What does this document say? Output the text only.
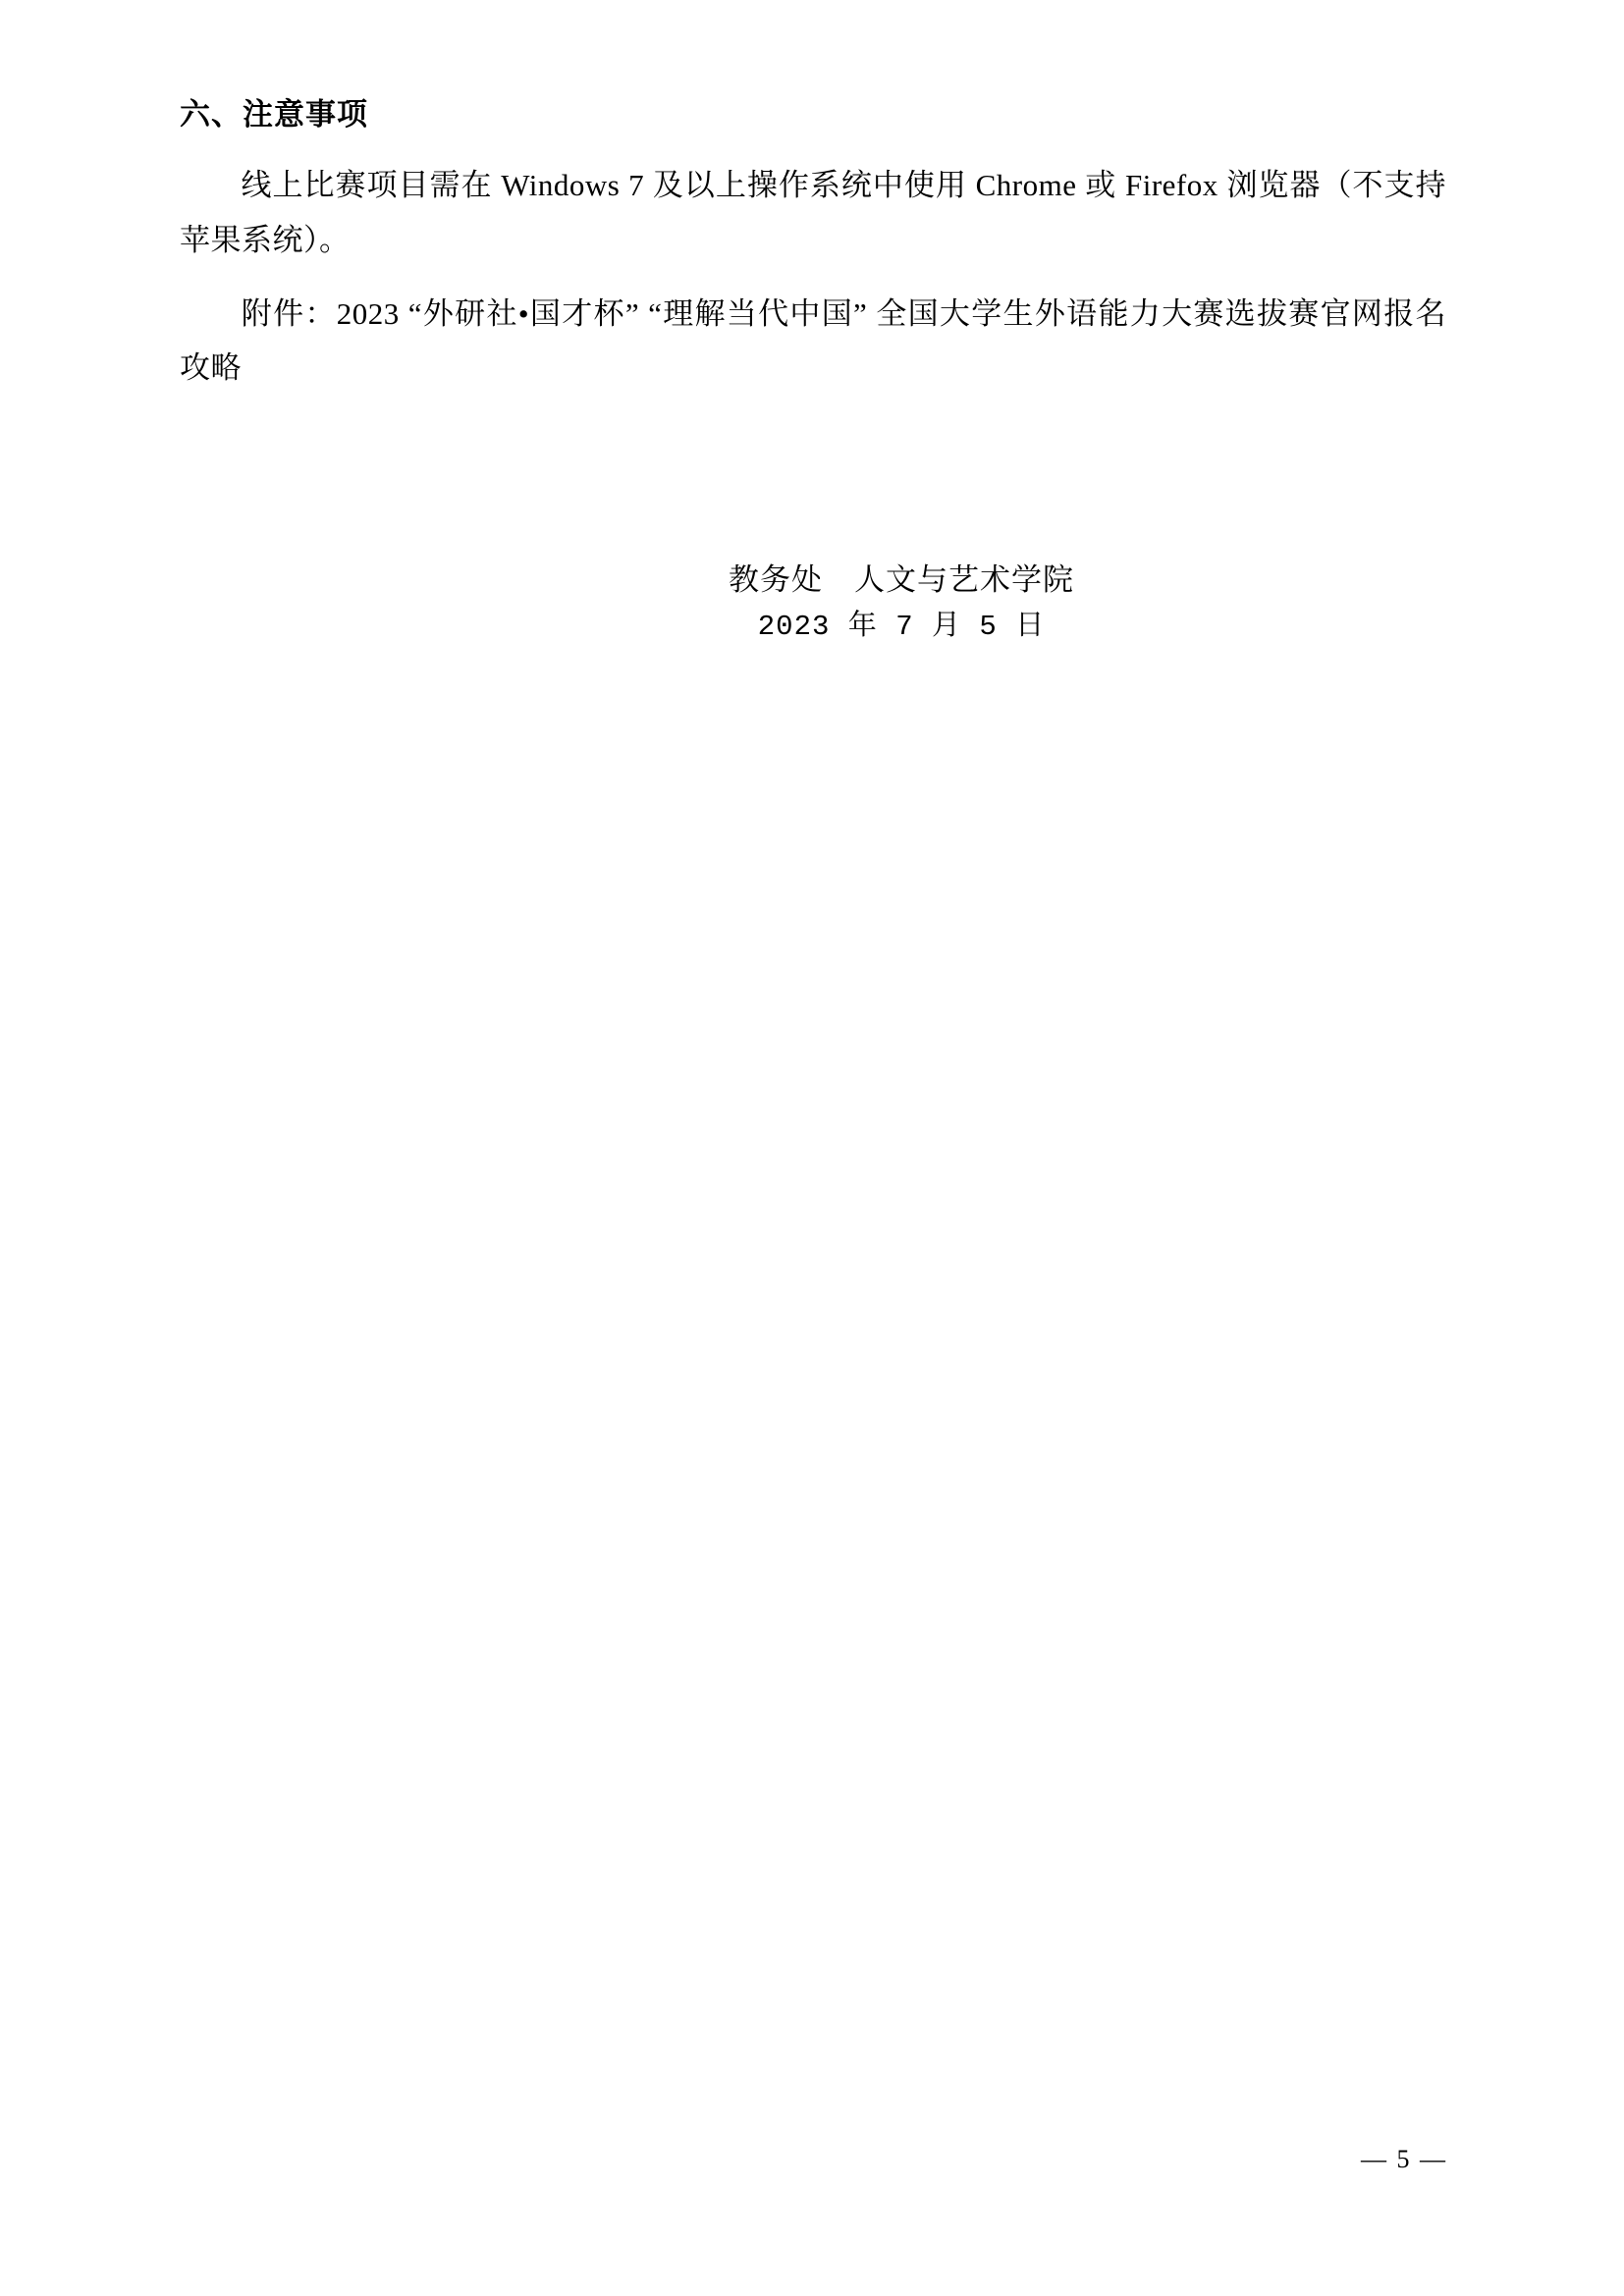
六、注意事项

线上比赛项目需在 Windows 7 及以上操作系统中使用 Chrome 或 Firefox 浏览器（不支持苹果系统）。

附件：2023 “外研社•国才杯” “理解当代中国” 全国大学生外语能力大赛选拔赛官网报名攻略

教务处　人文与艺术学院
2023 年 7 月 5 日
— 5 —
